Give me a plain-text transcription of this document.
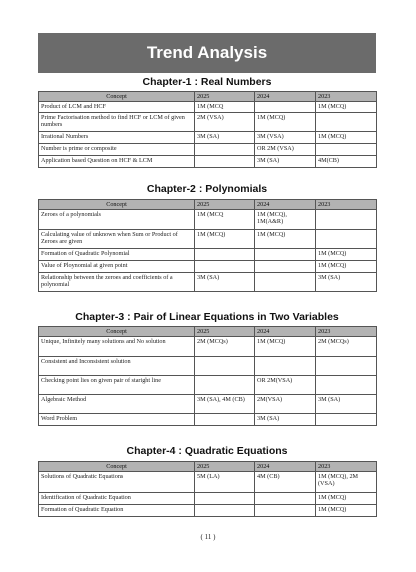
Trend Analysis
Chapter-1 : Real Numbers
Concept	2025	2024	2023
Product of LCM and HCF	1M (MCQ		1M (MCQ)
Prime Factorisation method to find HCF or LCM of given numbers	2M (VSA)	1M (MCQ)	
Irrational Numbers	3M (SA)	3M (VSA)	1M (MCQ)
Number is prime or composite		OR 2M (VSA)	
Application based Question on HCF & LCM		3M (SA)	4M(CB)
Chapter-2 : Polynomials
Concept	2025	2024	2023
Zeroes of a polynomials	1M (MCQ	1M (MCQ), 1M(A&R)	
Calculating value of unknown when Sum or Product of Zeroes are given	1M (MCQ)	1M (MCQ)	
Formation of Quadratic Polynomial			1M (MCQ)
Value of Ploynomial at given point			1M (MCQ)
Relationship between the zeroes and coefficients of a polynomial	3M (SA)		3M (SA)
Chapter-3 : Pair of Linear Equations in Two Variables
Concept	2025	2024	2023
Unique, Infinitely many solutions and No solution	2M (MCQs)	1M (MCQ)	2M (MCQs)
Consistent and Inconsistent solution			
Checking point lies on given pair of staright line		OR 2M(VSA)	
Algebraic Method	3M (SA), 4M (CB)	2M(VSA)	3M (SA)
Word Problem		3M (SA)	
Chapter-4 : Quadratic Equations
Concept	2025	2024	2023
Solutions of Quadratic Equations	5M (LA)	4M (CB)	1M (MCQ), 2M (VSA)
Identification of Quadratic Equation			1M (MCQ)
Formation of Quadratic Equation			1M (MCQ)
( 11 )
